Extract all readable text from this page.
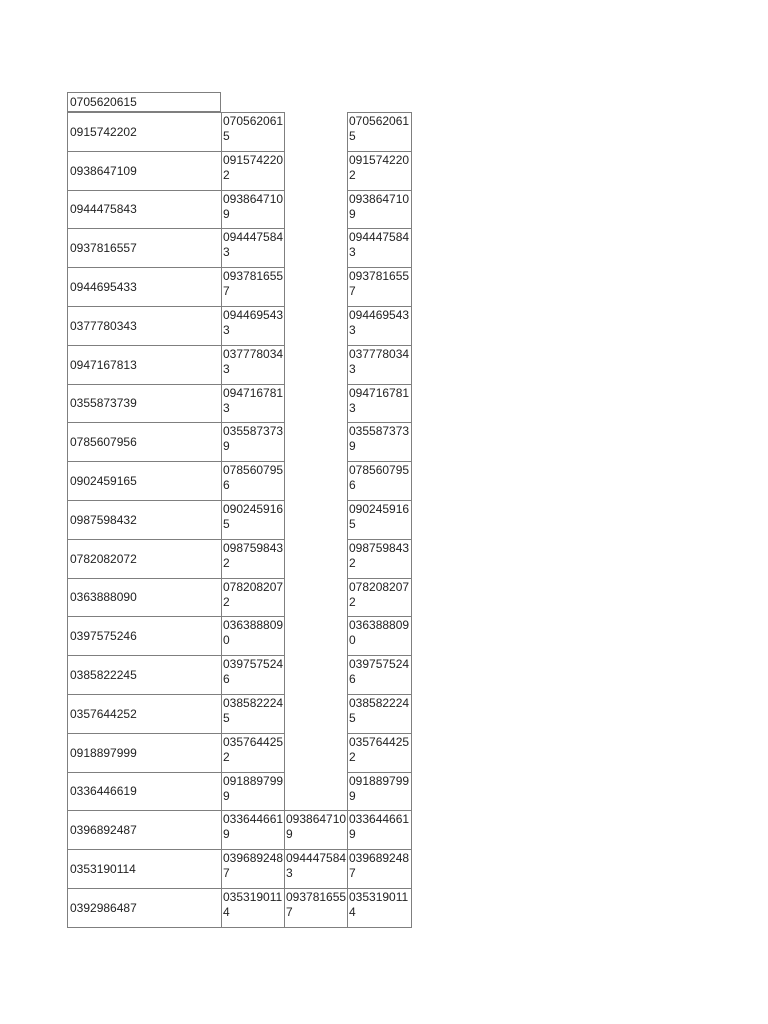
0705620615
0915742202
0705620615
0705620615
0938647109
0915742202
0915742202
0944475843
0938647109
0938647109
0937816557
0944475843
0944475843
0944695433
0937816557
0937816557
0377780343
0944695433
0944695433
0947167813
0377780343
0377780343
0355873739
0947167813
0947167813
0785607956
0355873739
0355873739
0902459165
0785607956
0785607956
0987598432
0902459165
0902459165
0782082072
0987598432
0987598432
0363888090
0782082072
0782082072
0397575246
0363888090
0363888090
0385822245
0397575246
0397575246
0357644252
0385822245
0385822245
0918897999
0357644252
0357644252
0336446619
0918897999
0918897999
0396892487
0336446619
0938647109
0336446619
0353190114
0396892487
0944475843
0396892487
0392986487
0353190114
0937816557
0353190114
